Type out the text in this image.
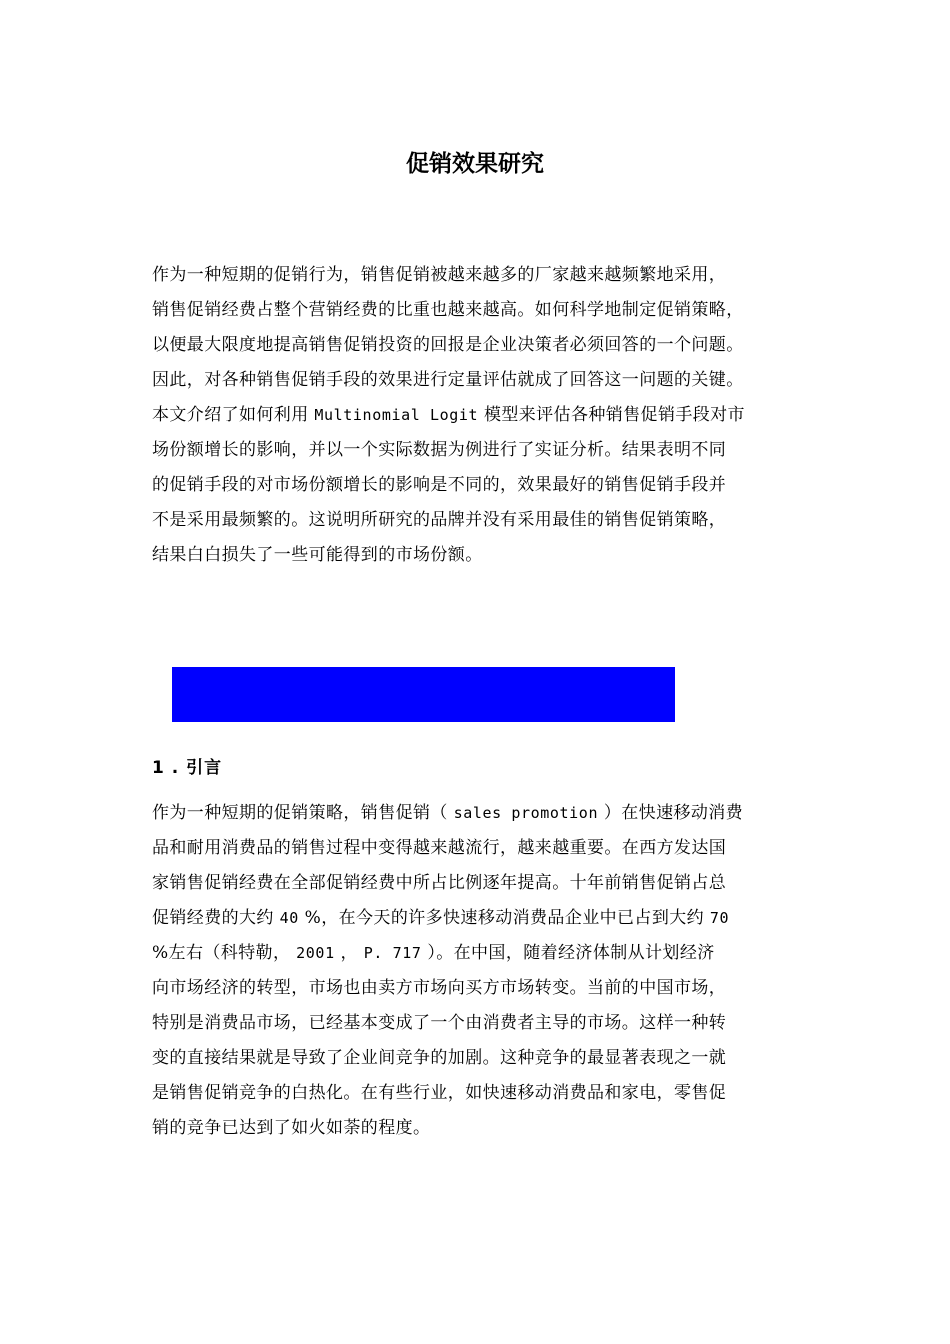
促销效果研究
作为一种短期的促销行为，销售促销被越来越多的厂家越来越频繁地采用，
销售促销经费占整个营销经费的比重也越来越高。如何科学地制定促销策略，
以便最大限度地提高销售促销投资的回报是企业决策者必须回答的一个问题。
因此，对各种销售促销手段的效果进行定量评估就成了回答这一问题的关键。
本文介绍了如何利用 Multinomial Logit 模型来评估各种销售促销手段对市
场份额增长的影响，并以一个实际数据为例进行了实证分析。结果表明不同
的促销手段的对市场份额增长的影响是不同的，效果最好的销售促销手段并
不是采用最频繁的。这说明所研究的品牌并没有采用最佳的销售促销策略，
结果白白损失了一些可能得到的市场份额。
1 . 引言
作为一种短期的促销策略，销售促销（ sales promotion ）在快速移动消费
品和耐用消费品的销售过程中变得越来越流行，越来越重要。在西方发达国
家销售促销经费在全部促销经费中所占比例逐年提高。十年前销售促销占总
促销经费的大约 40 %，在今天的许多快速移动消费品企业中已占到大约 70
%左右（科特勒， 2001 ， P. 717 ）。在中国，随着经济体制从计划经济
向市场经济的转型，市场也由卖方市场向买方市场转变。当前的中国市场，
特别是消费品市场，已经基本变成了一个由消费者主导的市场。这样一种转
变的直接结果就是导致了企业间竞争的加剧。这种竞争的最显著表现之一就
是销售促销竞争的白热化。在有些行业，如快速移动消费品和家电，零售促
销的竞争已达到了如火如荼的程度。
